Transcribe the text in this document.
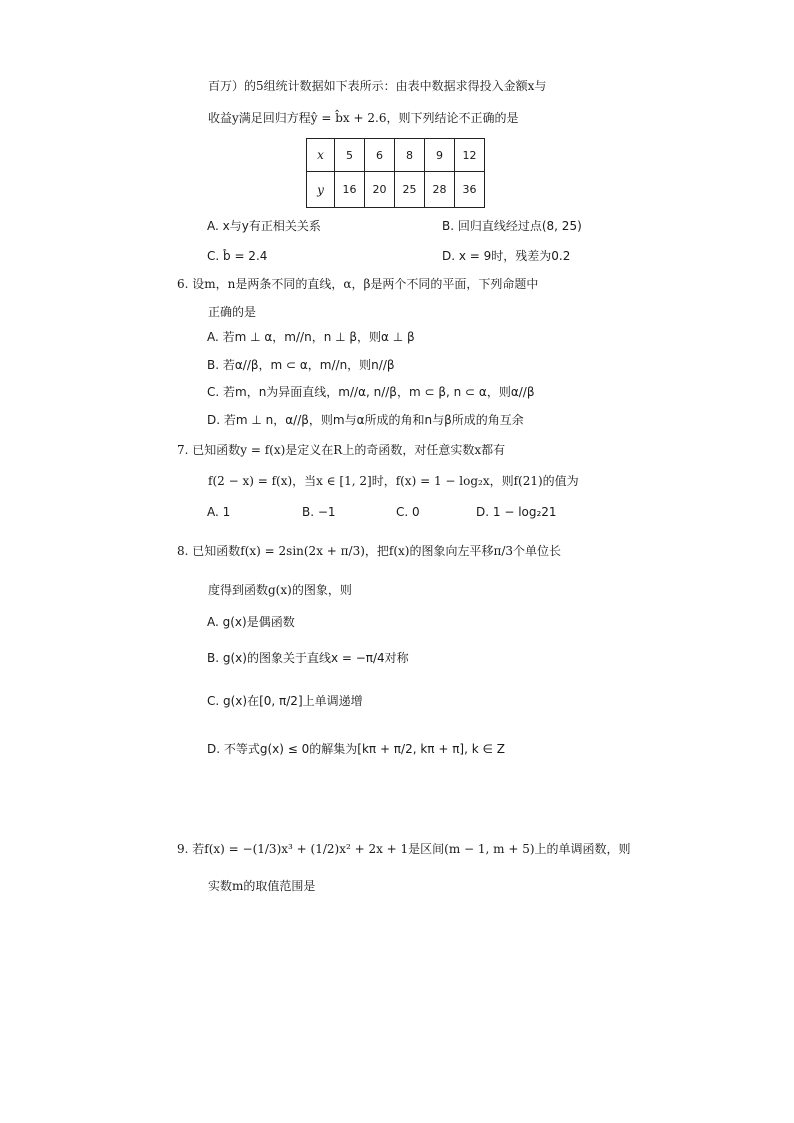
百万）的5组统计数据如下表所示：由表中数据求得投入金额x与
收益y满足回归方程ŷ = b̂x + 2.6，则下列结论不正确的是
x	5	6	8	9	12
y	16	20	25	28	36
A. x与y有正相关关系	B. 回归直线经过点(8, 25)
C. b̂ = 2.4	D. x = 9时，残差为0.2
6. 设m，n是两条不同的直线，α，β是两个不同的平面，下列命题中
正确的是
A. 若m ⊥ α，m//n，n ⊥ β，则α ⊥ β
B. 若α//β，m ⊂ α，m//n，则n//β
C. 若m，n为异面直线，m//α, n//β，m ⊂ β, n ⊂ α，则α//β
D. 若m ⊥ n，α//β，则m与α所成的角和n与β所成的角互余
7. 已知函数y = f(x)是定义在R上的奇函数，对任意实数x都有
f(2 − x) = f(x)，当x ∈ [1, 2]时，f(x) = 1 − log₂x，则f(21)的值为
A. 1	B. −1	C. 0	D. 1 − log₂21
8. 已知函数f(x) = 2sin(2x + π/3)，把f(x)的图象向左平移π/3个单位长
度得到函数g(x)的图象，则
A. g(x)是偶函数
B. g(x)的图象关于直线x = −π/4对称
C. g(x)在[0, π/2]上单调递增
D. 不等式g(x) ≤ 0的解集为[kπ + π/2, kπ + π], k ∈ Z
9. 若f(x) = −(1/3)x³ + (1/2)x² + 2x + 1是区间(m − 1, m + 5)上的单调函数，则
实数m的取值范围是
